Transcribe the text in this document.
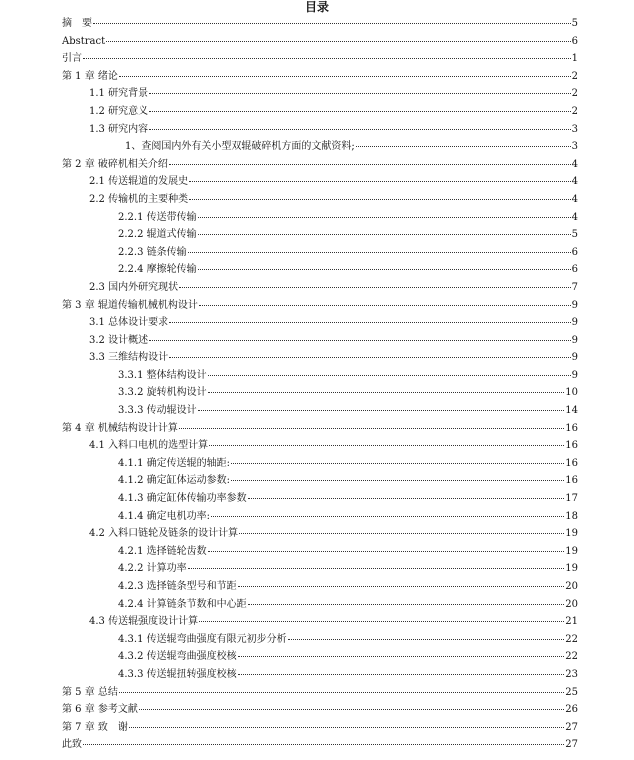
目录
摘　要	5
Abstract	6
引言	1
第 1 章 绪论	2
1.1 研究背景	2
1.2 研究意义	2
1.3 研究内容	3
1、查阅国内外有关小型双辊破碎机方面的文献资料;	3
第 2 章 破碎机相关介绍	4
2.1 传送辊道的发展史	4
2.2 传输机的主要种类	4
2.2.1 传送带传输	4
2.2.2 辊道式传输	5
2.2.3 链条传输	6
2.2.4 摩擦轮传输	6
2.3 国内外研究现状	7
第 3 章 辊道传输机械机构设计	9
3.1 总体设计要求	9
3.2 设计概述	9
3.3 三维结构设计	9
3.3.1 整体结构设计	9
3.3.2 旋转机构设计	10
3.3.3 传动辊设计	14
第 4 章 机械结构设计计算	16
4.1 入料口电机的选型计算	16
4.1.1 确定传送辊的轴距:	16
4.1.2 确定缸体运动参数:	16
4.1.3 确定缸体传输功率参数	17
4.1.4 确定电机功率:	18
4.2 入料口链轮及链条的设计计算	19
4.2.1 选择链轮齿数	19
4.2.2 计算功率	19
4.2.3 选择链条型号和节距	20
4.2.4 计算链条节数和中心距	20
4.3 传送辊强度设计计算	21
4.3.1 传送辊弯曲强度有限元初步分析	22
4.3.2 传送辊弯曲强度校核	22
4.3.3 传送辊扭转强度校核	23
第 5 章 总结	25
第 6 章 参考文献	26
第 7 章 致　谢	27
此致	27
